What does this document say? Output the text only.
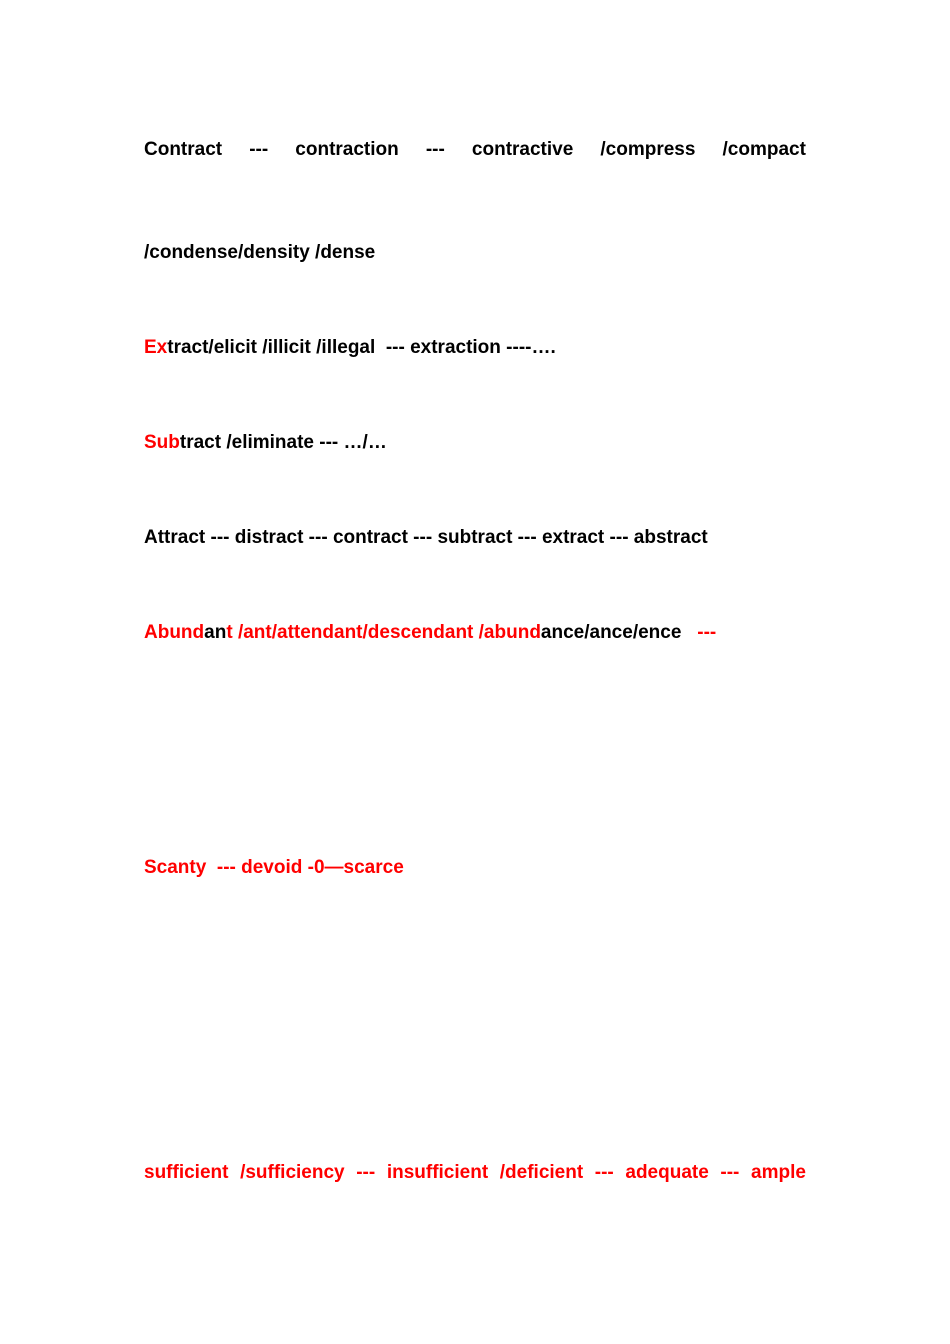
Contract --- contraction --- contractive /compress /compact
/condense/density /dense
Extract/elicit /illicit /illegal  --- extraction ----….
Subtract /eliminate --- …/…
Attract --- distract --- contract --- subtract --- extract --- abstract
Abundant /ant/attendant/descendant /abundance/ance/ence   ---
Scanty  --- devoid -0—scarce
sufficient /sufficiency --- insufficient /deficient --- adequate --- ample
